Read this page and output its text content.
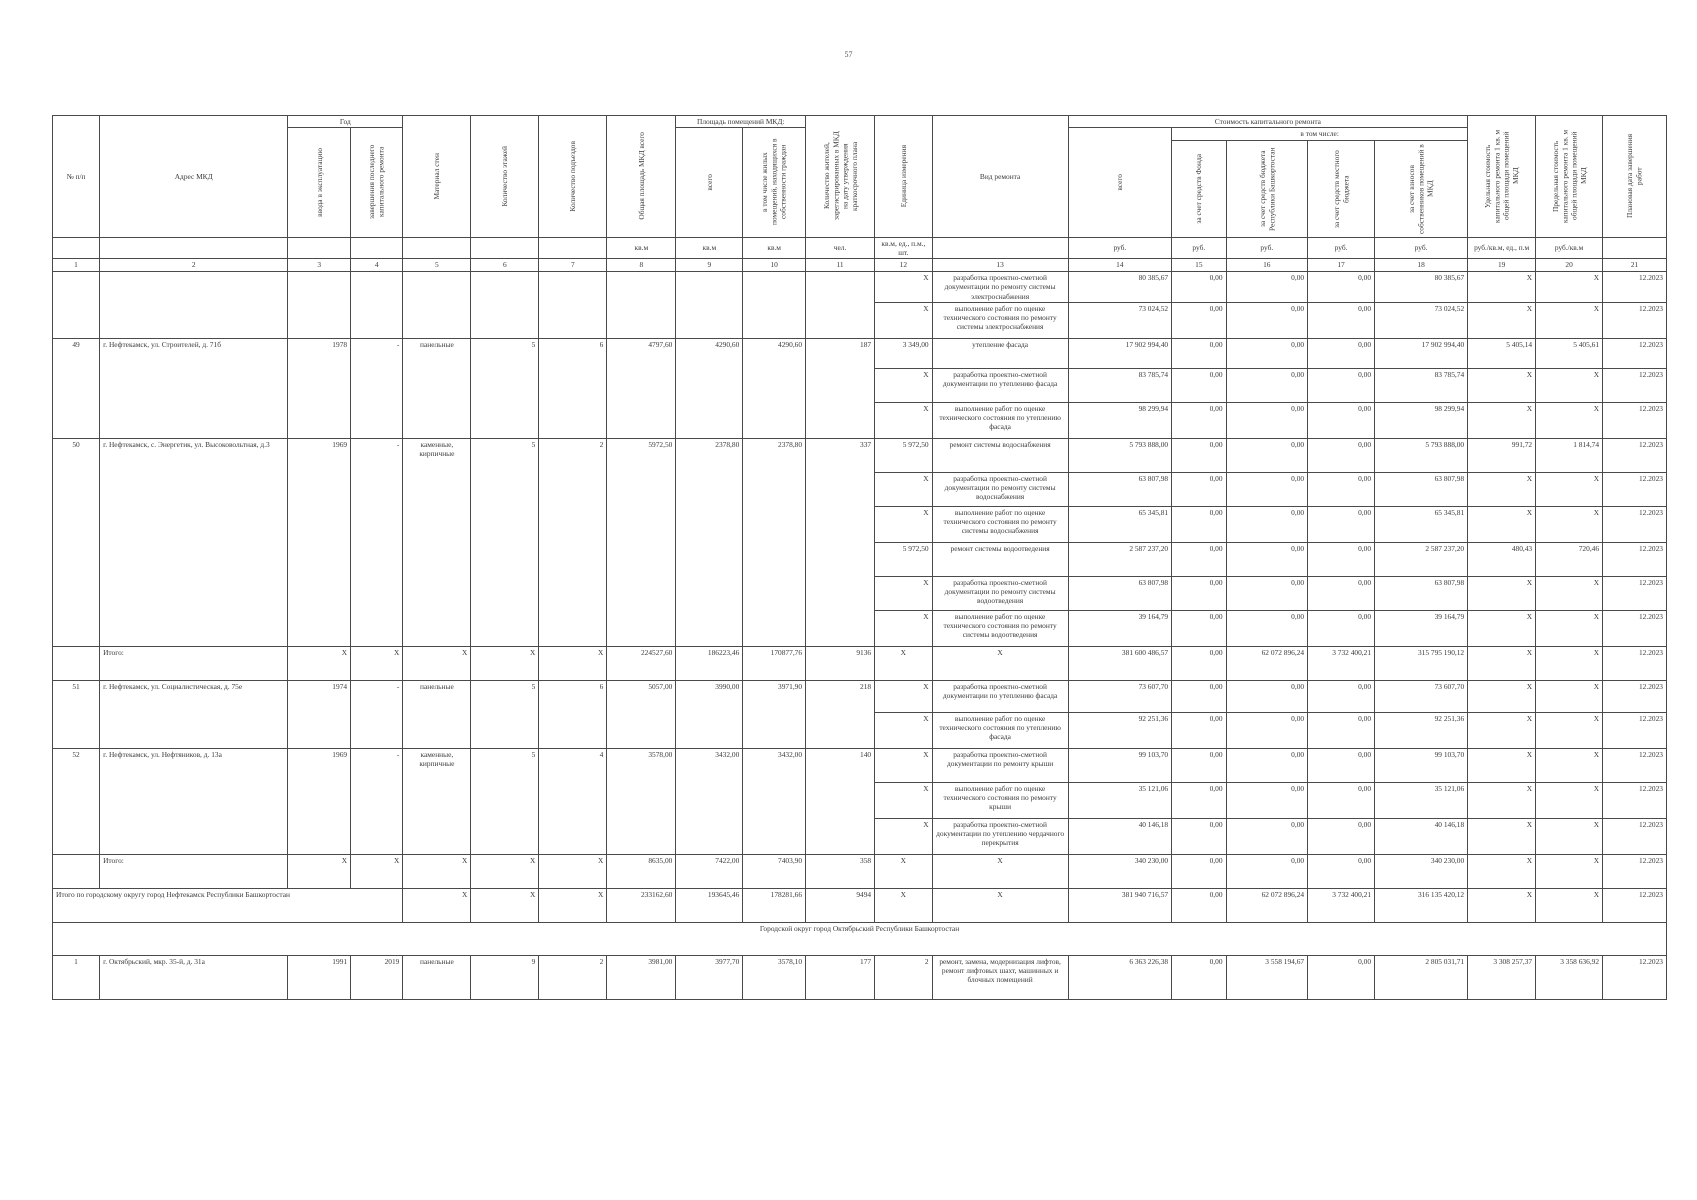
57
№ п/п	Адрес МКД	Год		Материал стен	Количество этажей	Количество подъездов	Общая площадь МКД всего	Площадь помещений МКД:		Количество жителей, зарегистрированных в МКД на дату утверждения краткосрочного плана	Единица измерения	Вид ремонта	Стоимость капитального ремонта					Удельная стоимость капитального ремонта 1 кв. м общей площади помещений МКД	Предельная стоимость капитального ремонта 1 кв. м общей площади помещений МКД	Плановая дата завершения работ

		ввода в эксплуатацию	завершения последнего капитального ремонта					всего	в том числе жилых помещений, находящихся в собственности граждан				всего	в том числе:						

														за счет средств Фонда	за счет средств бюджета Республики Башкортостан	за счет средств местного бюджета	за счет взносов собственников помещений в МКД			

							кв.м	кв.м	кв.м	чел.	кв.м, ед., п.м., шт.		руб.	руб.	руб.	руб.	руб.	руб./кв.м, ед., п.м	руб./кв.м	
1	2	3	4	5	6	7	8	9	10	11	12	13	14	15	16	17	18	19	20	21
											X	разработка проектно-сметной документации по ремонту системы электроснабжения	80 385,67	0,00	0,00	0,00	80 385,67	X	X	12.2023
											X	выполнение работ по оценке технического состояния по ремонту системы электроснабжения	73 024,52	0,00	0,00	0,00	73 024,52	X	X	12.2023
49	г. Нефтекамск, ул. Строителей, д. 71б	1978	-	панельные	5	6	4797,60	4290,60	4290,60	187	3 349,00	утепление фасада	17 902 994,40	0,00	0,00	0,00	17 902 994,40	5 405,14	5 405,61	12.2023
											X	разработка проектно-сметной документации по утеплению фасада	83 785,74	0,00	0,00	0,00	83 785,74	X	X	12.2023
											X	выполнение работ по оценке технического состояния по утеплению фасада	98 299,94	0,00	0,00	0,00	98 299,94	X	X	12.2023
50	г. Нефтекамск, с. Энергетик, ул. Высоковольтная, д.3	1969	-	каменные, кирпичные	5	2	5972,50	2378,80	2378,80	337	5 972,50	ремонт системы водоснабжения	5 793 888,00	0,00	0,00	0,00	5 793 888,00	991,72	1 814,74	12.2023
											X	разработка проектно-сметной документации по ремонту системы водоснабжения	63 807,98	0,00	0,00	0,00	63 807,98	X	X	12.2023
											X	выполнение работ по оценке технического состояния по ремонту системы водоснабжения	65 345,81	0,00	0,00	0,00	65 345,81	X	X	12.2023
											5 972,50	ремонт системы водоотведения	2 587 237,20	0,00	0,00	0,00	2 587 237,20	480,43	720,46	12.2023
											X	разработка проектно-сметной документации по ремонту системы водоотведения	63 807,98	0,00	0,00	0,00	63 807,98	X	X	12.2023
											X	выполнение работ по оценке технического состояния по ремонту системы водоотведения	39 164,79	0,00	0,00	0,00	39 164,79	X	X	12.2023
	Итого:	X	X	X	X	X	224527,60	186223,46	170877,76	9136	X	X	381 600 486,57	0,00	62 072 896,24	3 732 400,21	315 795 190,12	X	X	12.2023
51	г. Нефтекамск, ул. Социалистическая, д. 75е	1974	-	панельные	5	6	5057,00	3990,00	3971,90	218	X	разработка проектно-сметной документации по утеплению фасада	73 607,70	0,00	0,00	0,00	73 607,70	X	X	12.2023
											X	выполнение работ по оценке технического состояния по утеплению фасада	92 251,36	0,00	0,00	0,00	92 251,36	X	X	12.2023
52	г. Нефтекамск, ул. Нефтяников, д. 13а	1969	-	каменные, кирпичные	5	4	3578,00	3432,00	3432,00	140	X	разработка проектно-сметной документации по ремонту крыши	99 103,70	0,00	0,00	0,00	99 103,70	X	X	12.2023
											X	выполнение работ по оценке технического состояния по ремонту крыши	35 121,06	0,00	0,00	0,00	35 121,06	X	X	12.2023
											X	разработка проектно-сметной документации по утеплению чердачного перекрытия	40 146,18	0,00	0,00	0,00	40 146,18	X	X	12.2023
	Итого:	X	X	X	X	X	8635,00	7422,00	7403,90	358	X	X	340 230,00	0,00	0,00	0,00	340 230,00	X	X	12.2023
Итого по городскому округу город Нефтекамск Республики Башкортостан				X	X	X	233162,60	193645,46	178281,66	9494	X	X	381 940 716,57	0,00	62 072 896,24	3 732 400,21	316 135 420,12	X	X	12.2023
Городской округ город Октябрьский Республики Башкортостан																				
1	г. Октябрьский, мкр. 35-й, д. 31а	1991	2019	панельные	9	2	3981,00	3977,70	3578,10	177	2	ремонт, замена, модернизация лифтов, ремонт лифтовых шахт, машинных и блочных помещений	6 363 226,38	0,00	3 558 194,67	0,00	2 805 031,71	3 308 257,37	3 358 636,92	12.2023
